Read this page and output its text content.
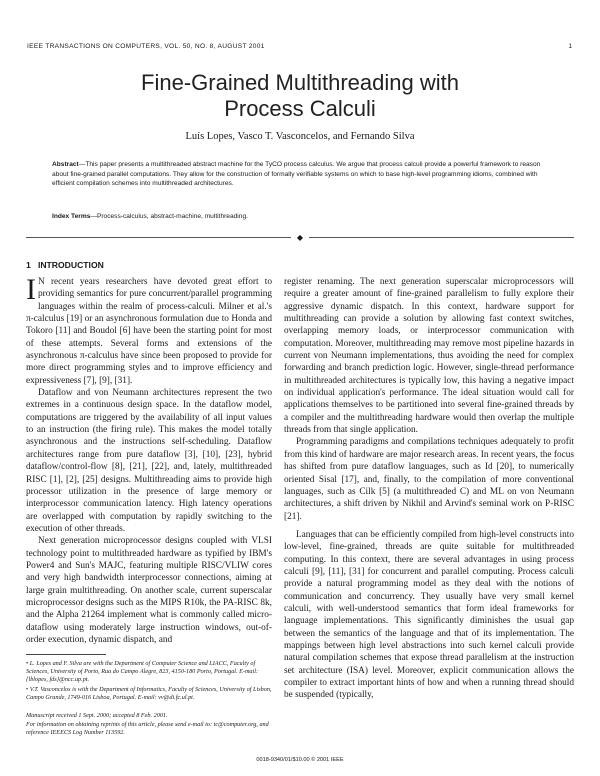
IEEE TRANSACTIONS ON COMPUTERS, VOL. 50, NO. 8, AUGUST 2001	1
Fine-Grained Multithreading with
Process Calculi
Luís Lopes, Vasco T. Vasconcelos, and Fernando Silva
Abstract—This paper presents a multithreaded abstract machine for the TyCO process calculus. We argue that process calculi provide a powerful framework to reason about fine-grained parallel computations. They allow for the construction of formally verifiable systems on which to base high-level programming idioms, combined with efficient compilation schemes into multithreaded architectures.
Index Terms—Process-calculus, abstract-machine, multithreading.
◆
1 INTRODUCTION

I N recent years researchers have devoted great effort to providing semantics for pure concurrent/parallel programming languages within the realm of process-calculi. Milner et al.'s π-calculus [19] or an asynchronous formulation due to Honda and Tokoro [11] and Boudol [6] have been the starting point for most of these attempts. Several forms and extensions of the asynchronous π-calculus have since been proposed to provide for more direct programming styles and to improve efficiency and expressiveness [7], [9], [31].

Dataflow and von Neumann architectures represent the two extremes in a continuous design space. In the dataflow model, computations are triggered by the availability of all input values to an instruction (the firing rule). This makes the model totally asynchronous and the instructions self-scheduling. Dataflow architectures range from pure dataflow [3], [10], [23], hybrid dataflow/control-flow [8], [21], [22], and, lately, multithreaded RISC [1], [2], [25] designs. Multithreading aims to provide high processor utilization in the presence of large memory or interprocessor communication latency. High latency operations are overlapped with computation by rapidly switching to the execution of other threads.

Next generation microprocessor designs coupled with VLSI technology point to multithreaded hardware as typified by IBM's Power4 and Sun's MAJC, featuring multiple RISC/VLIW cores and very high bandwidth interprocessor connections, aiming at large grain multithreading. On another scale, current superscalar microprocessor designs such as the MIPS R10k, the PA-RISC 8k, and the Alpha 21264 implement what is commonly called micro-dataflow using moderately large instruction windows, out-of-order execution, dynamic dispatch, and

• L. Lopes and F. Silva are with the Department of Computer Science and LIACC, Faculty of Sciences, University of Porto, Rua do Campo Alegre, 823, 4150-180 Porto, Portugal. E-mail: {lblopes, fds}@ncc.up.pt.
• V.T. Vasconcelos is with the Department of Informatics, Faculty of Sciences, University of Lisbon, Campo Grande, 1749-016 Lisboa, Portugal. E-mail: vv@di.fc.ul.pt.
Manuscript received 1 Sept. 2000; accepted 8 Feb. 2001.
For information on obtaining reprints of this article, please send e-mail to: tc@computer.org, and reference IEEECS Log Number 113592.

register renaming. The next generation superscalar microprocessors will require a greater amount of fine-grained parallelism to fully explore their aggressive dynamic dispatch. In this context, hardware support for multithreading can provide a solution by allowing fast context switches, overlapping memory loads, or interprocessor communication with computation. Moreover, multithreading may remove most pipeline hazards in current von Neumann implementations, thus avoiding the need for complex forwarding and branch prediction logic. However, single-thread performance in multithreaded architectures is typically low, this having a negative impact on individual application's performance. The ideal situation would call for applications themselves to be partitioned into several fine-grained threads by a compiler and the multithreading hardware would then overlap the multiple threads from that single application.

Programming paradigms and compilations techniques adequately to profit from this kind of hardware are major research areas. In recent years, the focus has shifted from pure dataflow languages, such as Id [20], to numerically oriented Sisal [17], and, finally, to the compilation of more conventional languages, such as Cilk [5] (a multithreaded C) and ML on von Neumann architectures, a shift driven by Nikhil and Arvind's seminal work on P-RISC [21].

Languages that can be efficiently compiled from high-level constructs into low-level, fine-grained, threads are quite suitable for multithreaded computing. In this context, there are several advantages in using process calculi [9], [11], [31] for concurrent and parallel computing. Process calculi provide a natural programming model as they deal with the notions of communication and concurrency. They usually have very small kernel calculi, with well-understood semantics that form ideal frameworks for language implementations. This significantly diminishes the usual gap between the semantics of the language and that of its implementation. The mappings between high level abstractions into such kernel calculi provide natural compilation schemes that expose thread parallelism at the instruction set architecture (ISA) level. Moreover, explicit communication allows the compiler to extract important hints of how and when a running thread should be suspended (typically,

0018-9340/01/$10.00 © 2001 IEEE
